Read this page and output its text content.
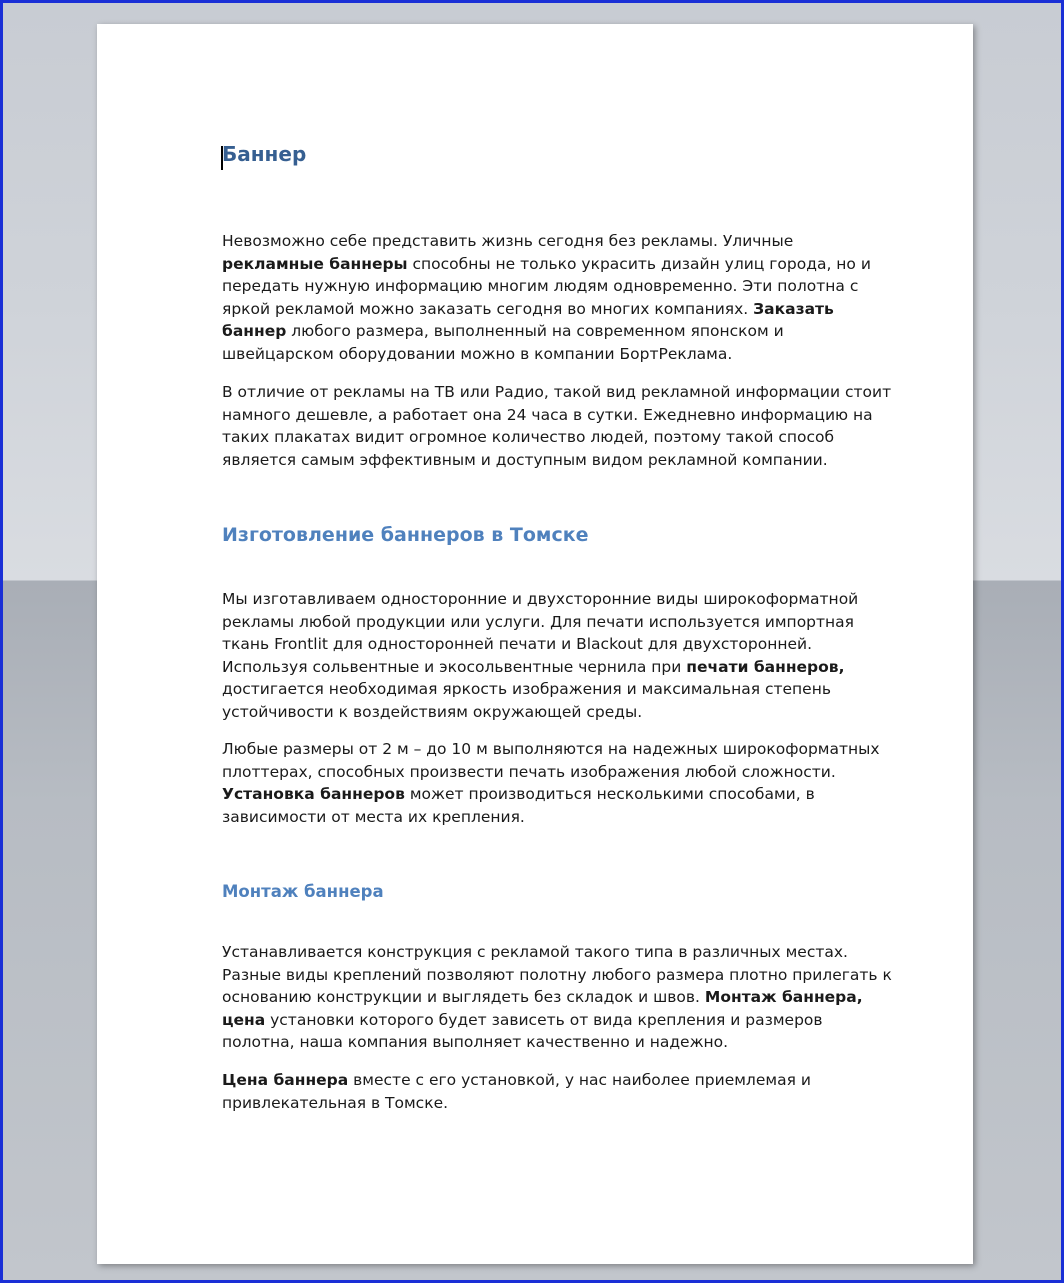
Баннер

Невозможно себе представить жизнь сегодня без рекламы. Уличные

рекламные баннеры способны не только украсить дизайн улиц города, но и

передать нужную информацию многим людям одновременно. Эти полотна с

яркой рекламой можно заказать сегодня во многих компаниях. Заказать

баннер любого размера, выполненный на современном японском и

швейцарском оборудовании можно в компании БортРеклама.

В отличие от рекламы на ТВ или Радио, такой вид рекламной информации стоит

намного дешевле, а работает она 24 часа в сутки. Ежедневно информацию на

таких плакатах видит огромное количество людей, поэтому такой способ

является самым эффективным и доступным видом рекламной компании.

Изготовление баннеров в Томске

Мы изготавливаем односторонние и двухсторонние виды широкоформатной

рекламы любой продукции или услуги. Для печати используется импортная

ткань Frontlit для односторонней печати и Blackout для двухсторонней.

Используя сольвентные и экосольвентные чернила при печати баннеров,

достигается необходимая яркость изображения и максимальная степень

устойчивости к воздействиям окружающей среды.

Любые размеры от 2 м – до 10 м выполняются на надежных широкоформатных

плоттерах, способных произвести печать изображения любой сложности.

Установка баннеров может производиться несколькими способами, в

зависимости от места их крепления.

Монтаж баннера

Устанавливается конструкция с рекламой такого типа в различных местах.

Разные виды креплений позволяют полотну любого размера плотно прилегать к

основанию конструкции и выглядеть без складок и швов. Монтаж баннера,

цена установки которого будет зависеть от вида крепления и размеров

полотна, наша компания выполняет качественно и надежно.

Цена баннера вместе с его установкой, у нас наиболее приемлемая и

привлекательная в Томске.
